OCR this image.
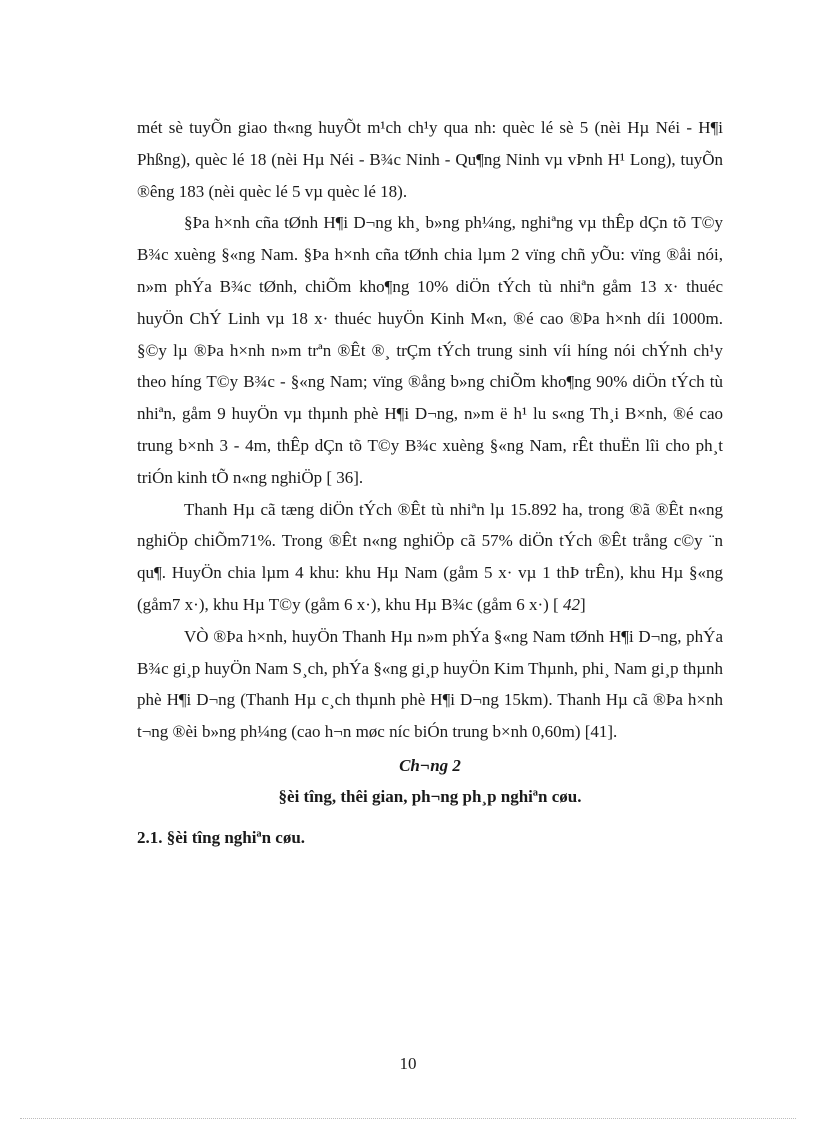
mét sè tuyÕn giao th«ng huyÕt m¹ch ch¹y qua nh: quèc lé sè 5 (nèi Hµ Néi - H¶i Phßng), quèc lé 18 (nèi Hµ Néi - B¾c Ninh - Qu¶ng Ninh vµ vÞnh H¹ Long), tuyÕn ®êng 183 (nèi quèc lé 5 vµ quèc lé 18).

§Þa h×nh cña tØnh H¶i D¬ng kh¸ b»ng ph¼ng, nghiªng vµ thÊp dÇn tõ T©y B¾c xuèng §«ng Nam. §Þa h×nh cña tØnh chia lµm 2 vïng chñ yÕu: vïng ®åi nói, n»m phÝa B¾c tØnh, chiÕm kho¶ng 10% diÖn tÝch tù nhiªn gåm 13 x· thuéc huyÖn ChÝ Linh vµ 18 x· thuéc huyÖn Kinh M«n, ®é cao ®Þa h×nh díi 1000m. §©y lµ ®Þa h×nh n»m trªn ®Êt ®¸ trÇm tÝch trung sinh víi híng nói chÝnh ch¹y theo híng T©y B¾c - §«ng Nam; vïng ®ång b»ng chiÕm kho¶ng 90% diÖn tÝch tù nhiªn, gåm 9 huyÖn vµ thµnh phè H¶i D¬ng, n»m ë h¹ lu s«ng Th¸i B×nh, ®é cao trung b×nh 3 - 4m, thÊp dÇn tõ T©y B¾c xuèng §«ng Nam, rÊt thuËn lîi cho ph¸t triÓn kinh tÕ n«ng nghiÖp [ 36].

Thanh Hµ cã tæng diÖn tÝch ®Êt tù nhiªn lµ 15.892 ha, trong ®ã ®Êt n«ng nghiÖp chiÕm71%. Trong ®Êt n«ng nghiÖp cã 57% diÖn tÝch ®Êt trång c©y ¨n qu¶. HuyÖn chia lµm 4 khu: khu Hµ Nam (gåm 5 x· vµ 1 thÞ trÊn), khu Hµ §«ng (gåm7 x·), khu Hµ T©y (gåm 6 x·), khu Hµ B¾c (gåm 6 x·) [ 42]

VÒ ®Þa h×nh, huyÖn Thanh Hµ n»m phÝa §«ng Nam tØnh H¶i D¬ng, phÝa B¾c gi¸p huyÖn Nam S¸ch, phÝa §«ng gi¸p huyÖn Kim Thµnh, phi¸ Nam gi¸p thµnh phè H¶i D¬ng (Thanh Hµ c¸ch thµnh phè H¶i D¬ng 15km). Thanh Hµ cã ®Þa h×nh t¬ng ®èi b»ng ph¼ng (cao h¬n møc níc biÓn trung b×nh 0,60m) [41].

Ch¬ng 2
§èi tîng, thêi gian, ph¬ng ph¸p nghiªn cøu.
2.1. §èi tîng nghiªn cøu.
10
